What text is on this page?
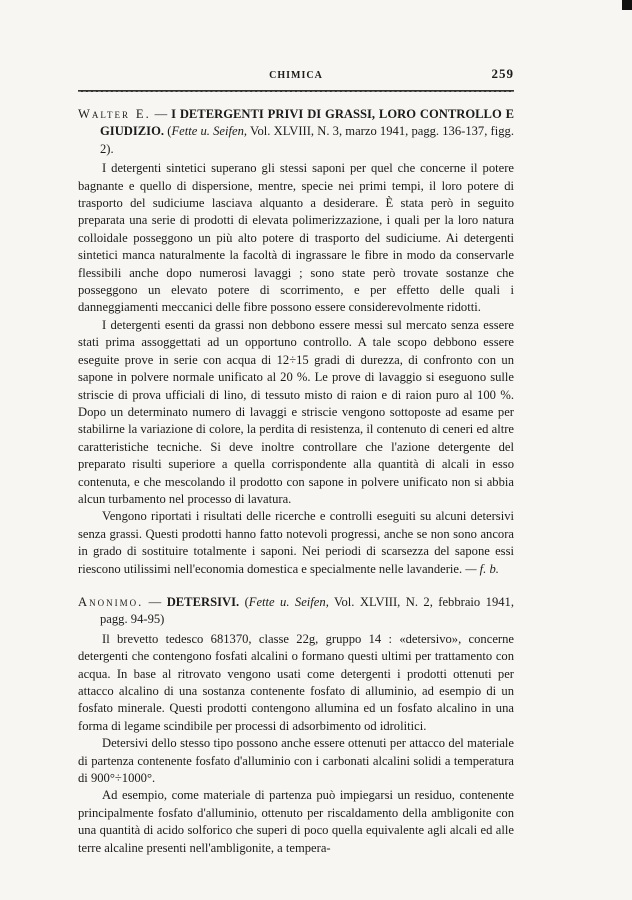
CHIMICA	259
Walter E. — I DETERGENTI PRIVI DI GRASSI, LORO CONTROLLO E GIUDIZIO. (Fette u. Seifen, Vol. XLVIII, N. 3, marzo 1941, pagg. 136-137, figg. 2).

I detergenti sintetici superano gli stessi saponi per quel che concerne il potere bagnante e quello di dispersione, mentre, specie nei primi tempi, il loro potere di trasporto del sudiciume lasciava alquanto a desiderare. È stata però in seguito preparata una serie di prodotti di elevata polimerizzazione, i quali per la loro natura colloidale posseggono un più alto potere di trasporto del sudiciume. Ai detergenti sintetici manca naturalmente la facoltà di ingrassare le fibre in modo da conservarle flessibili anche dopo numerosi lavaggi ; sono state però trovate sostanze che posseggono un elevato potere di scorrimento, e per effetto delle quali i danneggiamenti meccanici delle fibre possono essere considerevolmente ridotti.

I detergenti esenti da grassi non debbono essere messi sul mercato senza essere stati prima assoggettati ad un opportuno controllo. A tale scopo debbono essere eseguite prove in serie con acqua di 12÷15 gradi di durezza, di confronto con un sapone in polvere normale unificato al 20 %. Le prove di lavaggio si eseguono sulle striscie di prova ufficiali di lino, di tessuto misto di raion e di raion puro al 100 %. Dopo un determinato numero di lavaggi e striscie vengono sottoposte ad esame per stabilirne la variazione di colore, la perdita di resistenza, il contenuto di ceneri ed altre caratteristiche tecniche. Si deve inoltre controllare che l'azione detergente del preparato risulti superiore a quella corrispondente alla quantità di alcali in esso contenuta, e che mescolando il prodotto con sapone in polvere unificato non si abbia alcun turbamento nel processo di lavatura.

Vengono riportati i risultati delle ricerche e controlli eseguiti su alcuni detersivi senza grassi. Questi prodotti hanno fatto notevoli progressi, anche se non sono ancora in grado di sostituire totalmente i saponi. Nei periodi di scarsezza del sapone essi riescono utilissimi nell'economia domestica e specialmente nelle lavanderie. — f. b.

Anonimo. — DETERSIVI. (Fette u. Seifen, Vol. XLVIII, N. 2, febbraio 1941, pagg. 94-95)

Il brevetto tedesco 681370, classe 22g, gruppo 14 : «detersivo», concerne detergenti che contengono fosfati alcalini o formano questi ultimi per trattamento con acqua. In base al ritrovato vengono usati come detergenti i prodotti ottenuti per attacco alcalino di una sostanza contenente fosfato di alluminio, ad esempio di un fosfato minerale. Questi prodotti contengono allumina ed un fosfato alcalino in una forma di legame scindibile per processi di adsorbimento od idrolitici.

Detersivi dello stesso tipo possono anche essere ottenuti per attacco del materiale di partenza contenente fosfato d'alluminio con i carbonati alcalini solidi a temperatura di 900°÷1000°.

Ad esempio, come materiale di partenza può impiegarsi un residuo, contenente principalmente fosfato d'alluminio, ottenuto per riscaldamento della ambligonite con una quantità di acido solforico che superi di poco quella equivalente agli alcali ed alle terre alcaline presenti nell'ambligonite, a tempera-
